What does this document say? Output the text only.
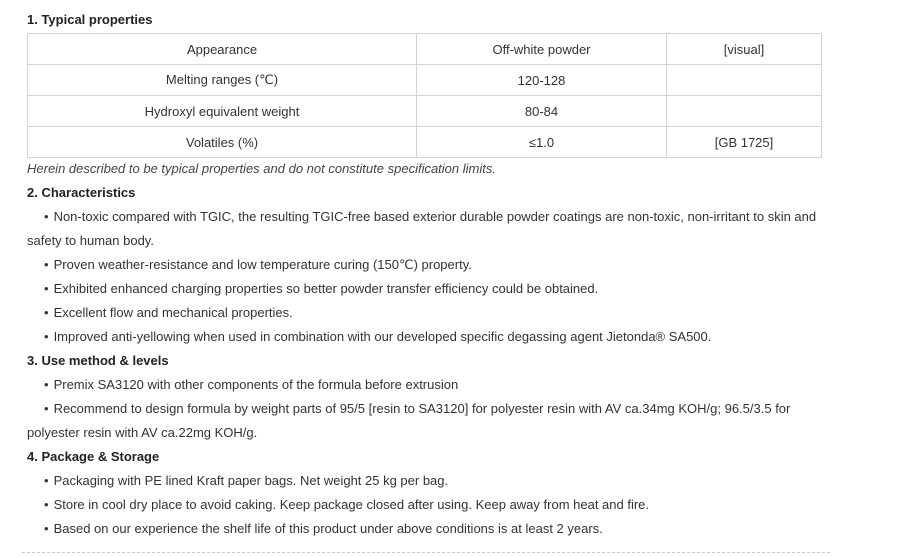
1. Typical properties
Appearance	Off-white powder	[visual]
Melting ranges (℃)	120-128	
Hydroxyl equivalent weight	80-84	
Volatiles (%)	≤1.0	[GB 1725]
Herein described to be typical properties and do not constitute specification limits.
2. Characteristics
• Non-toxic compared with TGIC, the resulting TGIC-free based exterior durable powder coatings are non-toxic, non-irritant to skin and safety to human body.
• Proven weather-resistance and low temperature curing (150℃) property.
• Exhibited enhanced charging properties so better powder transfer efficiency could be obtained.
• Excellent flow and mechanical properties.
• Improved anti-yellowing when used in combination with our developed specific degassing agent Jietonda® SA500.
3. Use method & levels
• Premix SA3120 with other components of the formula before extrusion
• Recommend to design formula by weight parts of 95/5 [resin to SA3120] for polyester resin with AV ca.34mg KOH/g; 96.5/3.5 for polyester resin with AV ca.22mg KOH/g.
4. Package & Storage
• Packaging with PE lined Kraft paper bags. Net weight 25 kg per bag.
• Store in cool dry place to avoid caking. Keep package closed after using. Keep away from heat and fire.
• Based on our experience the shelf life of this product under above conditions is at least 2 years.
